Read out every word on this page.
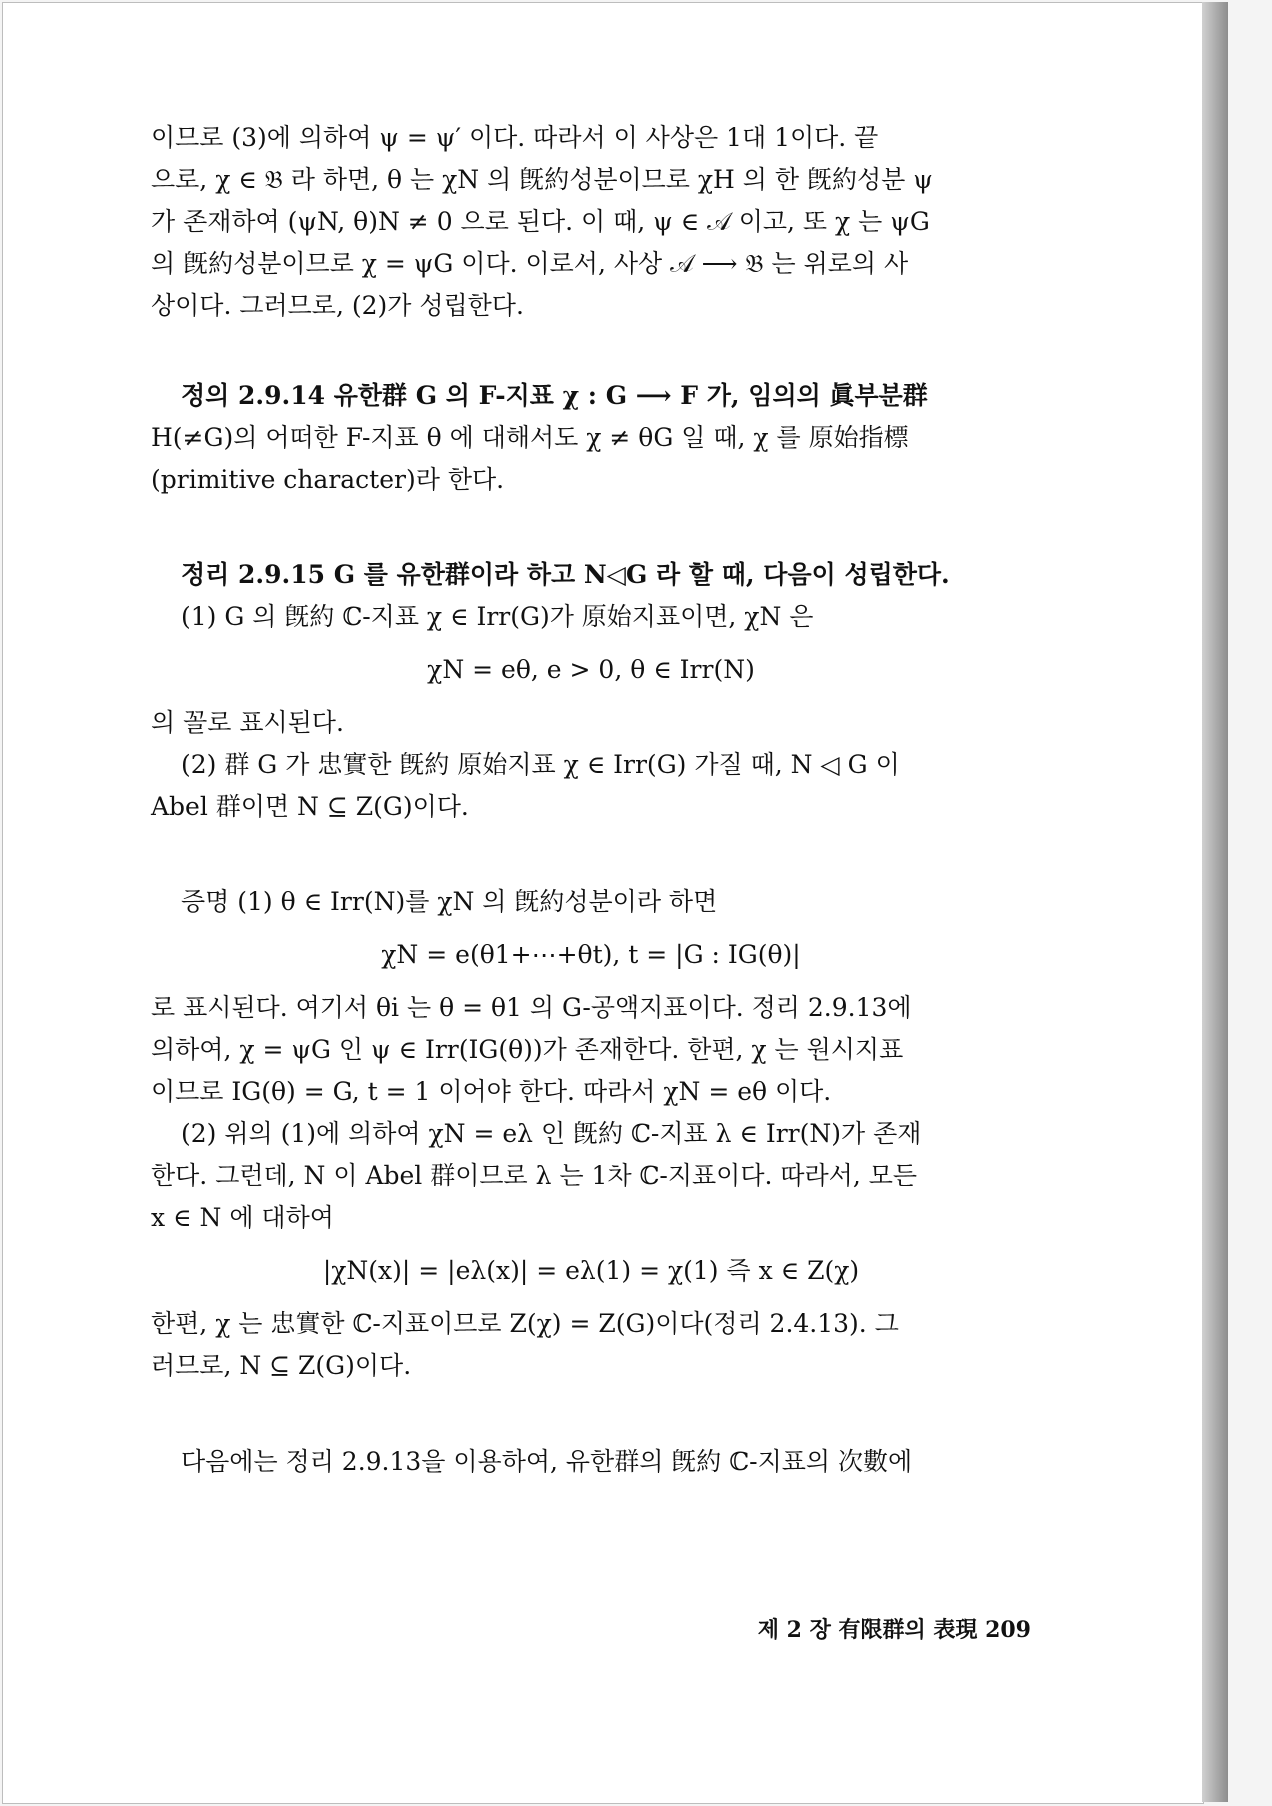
이므로 (3)에 의하여 ψ = ψ′ 이다. 따라서 이 사상은 1대 1이다. 끝
으로, χ ∈ 𝔅 라 하면, θ 는 χN 의 旣約성분이므로 χH 의 한 旣約성분 ψ
가 존재하여 (ψN, θ)N ≠ 0 으로 된다. 이 때, ψ ∈ 𝒜 이고, 또 χ 는 ψG
의 旣約성분이므로 χ = ψG 이다. 이로서, 사상 𝒜 ⟶ 𝔅 는 위로의 사
상이다. 그러므로, (2)가 성립한다.
정의 2.9.14 유한群 G 의 F-지표 χ : G ⟶ F 가, 임의의 眞부분群
H(≠G)의 어떠한 F-지표 θ 에 대해서도 χ ≠ θG 일 때, χ 를 原始指標
(primitive character)라 한다.
정리 2.9.15 G 를 유한群이라 하고 N◁G 라 할 때, 다음이 성립한다.
(1) G 의 旣約 ℂ-지표 χ ∈ Irr(G)가 原始지표이면, χN 은
χN = eθ, e > 0, θ ∈ Irr(N)
의 꼴로 표시된다.
(2) 群 G 가 忠實한 旣約 原始지표 χ ∈ Irr(G) 가질 때, N ◁ G 이
Abel 群이면 N ⊆ Z(G)이다.
증명 (1) θ ∈ Irr(N)를 χN 의 旣約성분이라 하면
χN = e(θ1+⋯+θt), t = |G : IG(θ)|
로 표시된다. 여기서 θi 는 θ = θ1 의 G-공액지표이다. 정리 2.9.13에
의하여, χ = ψG 인 ψ ∈ Irr(IG(θ))가 존재한다. 한편, χ 는 원시지표
이므로 IG(θ) = G, t = 1 이어야 한다. 따라서 χN = eθ 이다.
(2) 위의 (1)에 의하여 χN = eλ 인 旣約 ℂ-지표 λ ∈ Irr(N)가 존재
한다. 그런데, N 이 Abel 群이므로 λ 는 1차 ℂ-지표이다. 따라서, 모든
x ∈ N 에 대하여
|χN(x)| = |eλ(x)| = eλ(1) = χ(1) 즉 x ∈ Z(χ)
한편, χ 는 忠實한 ℂ-지표이므로 Z(χ) = Z(G)이다(정리 2.4.13). 그
러므로, N ⊆ Z(G)이다.
다음에는 정리 2.9.13을 이용하여, 유한群의 旣約 ℂ-지표의 次數에
제 2 장 有限群의 表現 209
